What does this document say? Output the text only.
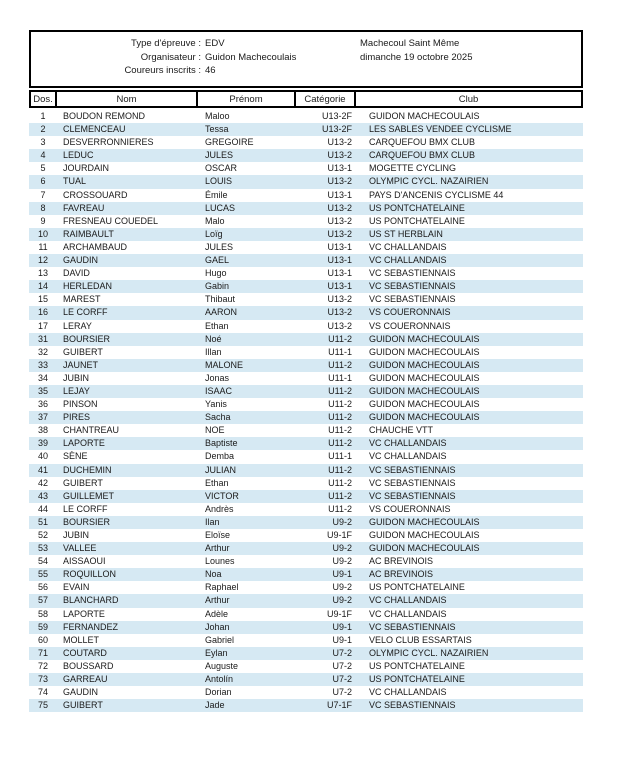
Type d'épreuve : EDV
Organisateur : Guidon Machecoulais
Coureurs inscrits : 46
Machecoul Saint Même
dimanche 19 octobre 2025
Dos.	Nom	Prénom	Catégorie	Club
1	BOUDON REMOND	Maloo	U13-2F	GUIDON MACHECOULAIS
2	CLEMENCEAU	Tessa	U13-2F	LES SABLES VENDEE CYCLISME
3	DESVERRONNIERES	GREGOIRE	U13-2	CARQUEFOU BMX CLUB
4	LEDUC	JULES	U13-2	CARQUEFOU BMX CLUB
5	JOURDAIN	OSCAR	U13-1	MOGETTE CYCLING
6	TUAL	LOUIS	U13-2	OLYMPIC CYCL. NAZAIRIEN
7	CROSSOUARD	Émile	U13-1	PAYS D'ANCENIS CYCLISME 44
8	FAVREAU	LUCAS	U13-2	US PONTCHATELAINE
9	FRESNEAU COUEDEL	Malo	U13-2	US PONTCHATELAINE
10	RAIMBAULT	Loïg	U13-2	US ST HERBLAIN
11	ARCHAMBAUD	JULES	U13-1	VC CHALLANDAIS
12	GAUDIN	GAEL	U13-1	VC CHALLANDAIS
13	DAVID	Hugo	U13-1	VC SEBASTIENNAIS
14	HERLEDAN	Gabin	U13-1	VC SEBASTIENNAIS
15	MAREST	Thibaut	U13-2	VC SEBASTIENNAIS
16	LE CORFF	AARON	U13-2	VS COUERONNAIS
17	LERAY	Ethan	U13-2	VS COUERONNAIS
31	BOURSIER	Noé	U11-2	GUIDON MACHECOULAIS
32	GUIBERT	Illan	U11-1	GUIDON MACHECOULAIS
33	JAUNET	MALONE	U11-2	GUIDON MACHECOULAIS
34	JUBIN	Jonas	U11-1	GUIDON MACHECOULAIS
35	LEJAY	ISAAC	U11-2	GUIDON MACHECOULAIS
36	PINSON	Yanis	U11-2	GUIDON MACHECOULAIS
37	PIRES	Sacha	U11-2	GUIDON MACHECOULAIS
38	CHANTREAU	NOE	U11-2	CHAUCHE VTT
39	LAPORTE	Baptiste	U11-2	VC CHALLANDAIS
40	SÈNE	Demba	U11-1	VC CHALLANDAIS
41	DUCHEMIN	JULIAN	U11-2	VC SEBASTIENNAIS
42	GUIBERT	Ethan	U11-2	VC SEBASTIENNAIS
43	GUILLEMET	VICTOR	U11-2	VC SEBASTIENNAIS
44	LE CORFF	Andrès	U11-2	VS COUERONNAIS
51	BOURSIER	Ilan	U9-2	GUIDON MACHECOULAIS
52	JUBIN	Eloïse	U9-1F	GUIDON MACHECOULAIS
53	VALLEE	Arthur	U9-2	GUIDON MACHECOULAIS
54	AISSAOUI	Lounes	U9-2	AC BREVINOIS
55	ROQUILLON	Noa	U9-1	AC BREVINOIS
56	EVAIN	Raphael	U9-2	US PONTCHATELAINE
57	BLANCHARD	Arthur	U9-2	VC CHALLANDAIS
58	LAPORTE	Adèle	U9-1F	VC CHALLANDAIS
59	FERNANDEZ	Johan	U9-1	VC SEBASTIENNAIS
60	MOLLET	Gabriel	U9-1	VELO CLUB ESSARTAIS
71	COUTARD	Eylan	U7-2	OLYMPIC CYCL. NAZAIRIEN
72	BOUSSARD	Auguste	U7-2	US PONTCHATELAINE
73	GARREAU	Antolín	U7-2	US PONTCHATELAINE
74	GAUDIN	Dorian	U7-2	VC CHALLANDAIS
75	GUIBERT	Jade	U7-1F	VC SEBASTIENNAIS
